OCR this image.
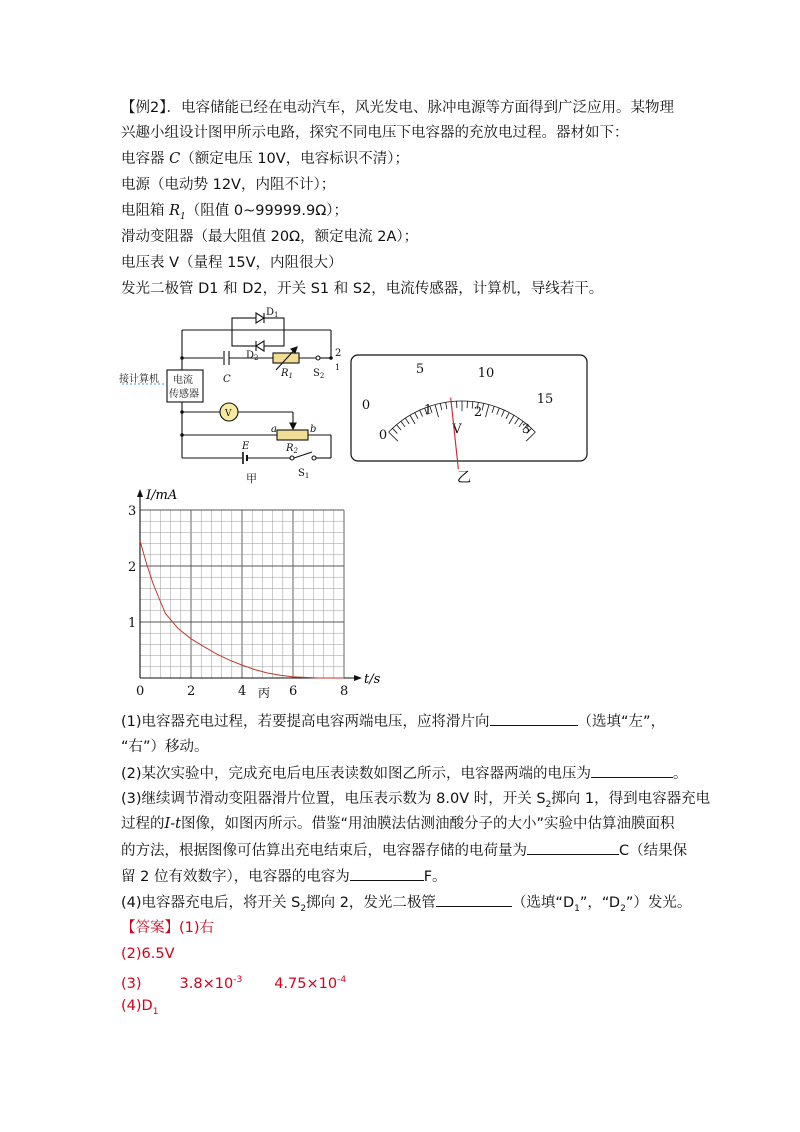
【例2】．电容储能已经在电动汽车，风光发电、脉冲电源等方面得到广泛应用。某物理
兴趣小组设计图甲所示电路，探究不同电压下电容器的充放电过程。器材如下：
电容器 C（额定电压 10V，电容标识不清）；
电源（电动势 12V，内阻不计）；
电阻箱 $R_1$（阻值 0~99999.9Ω）；
滑动变阻器（最大阻值 20Ω，额定电流 2A）；
电压表 V（量程 15V，内阻很大）
发光二极管 D1 和 D2，开关 S1 和 S2，电流传感器，计算机，导线若干。
$D_1$
$D_2$
C
$R_1$ $S_2$
2
1
V
a	b
$R_2$
E
$S_1$
接计算机 电流
传感器
甲
0
5	10
15
0
1	2
3
V
乙
0	2	4	6	8
1
2
3
I/mA
t/s
丙
(1)电容器充电过程，若要提高电容两端电压，应将滑片向	（选填“左”，
“右”）移动。
(2)某次实验中，完成充电后电压表读数如图乙所示，电容器两端的电压为	。
(3)继续调节滑动变阻器滑片位置，电压表示数为 8.0V 时，开关 $S_2$掷向 1，得到电容器充电
过程的I-t图像，如图丙所示。借鉴“用油膜法估测油酸分子的大小”实验中估算油膜面积
的方法，根据图像可估算出充电结束后，电容器存储的电荷量为	C（结果保
留 2 位有效数字），电容器的电容为	F。
(4)电容器充电后，将开关 $S_2$掷向 2，发光二极管	（选填“$D_1$”，“$D_2$”）发光。
【答案】(1)右
(2)6.5V
(3)	$3.8\times 10^{-3}$ $4.75\times 10^{-4}$
$(4)D_1$
